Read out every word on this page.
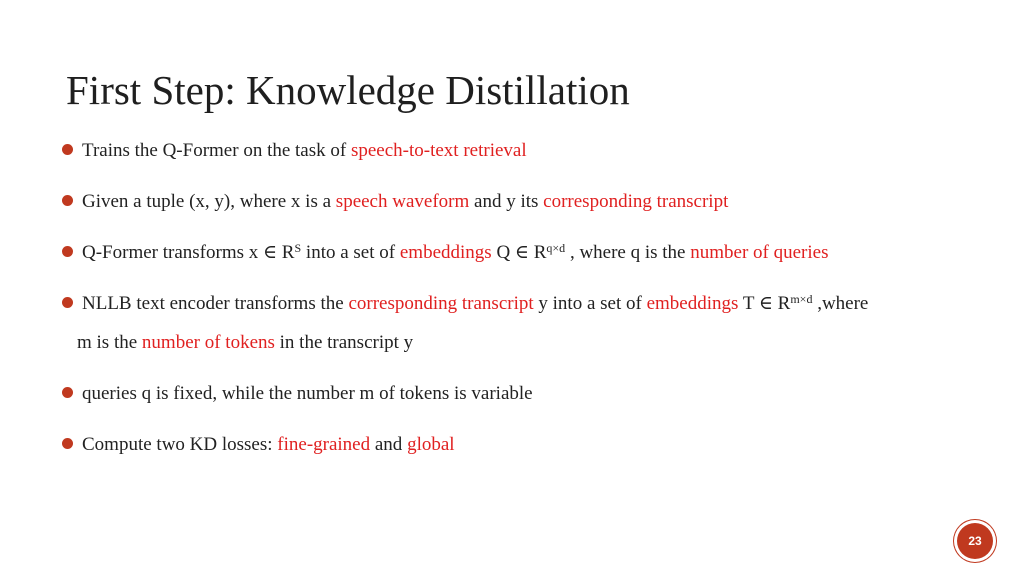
First Step: Knowledge Distillation
Trains the Q-Former on the task of speech-to-text retrieval
Given a tuple (x, y), where x is a speech waveform and y its corresponding transcript
Q-Former transforms x ∈ $R^S$ into a set of embeddings Q ∈ $R^{q\times d}$ , where q is the number of queries
NLLB text encoder transforms the corresponding transcript y into a set of embeddings T ∈ $R^{m\times d}$ ,where
m is the number of tokens in the transcript y
queries q is fixed, while the number m of tokens is variable
Compute two KD losses: fine-grained and global
23
